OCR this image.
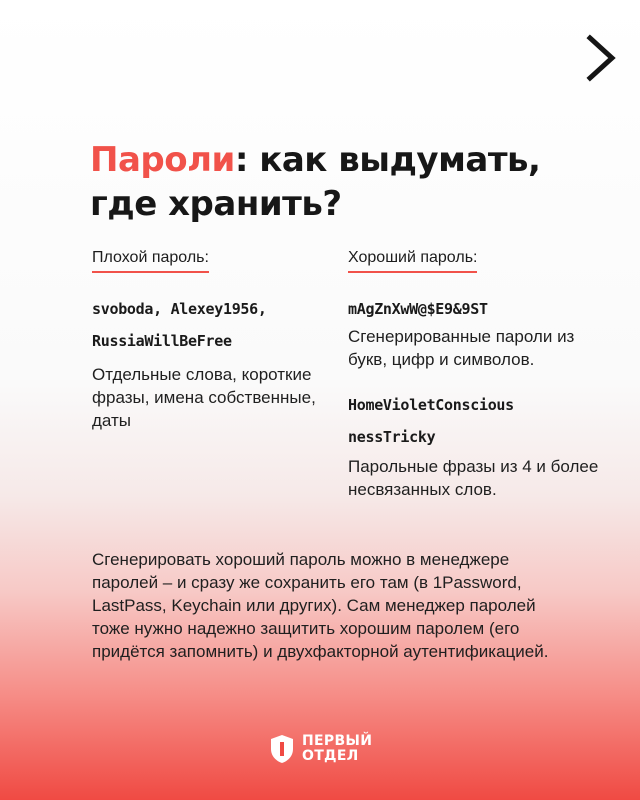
Пароли: как выдумать,
где хранить?
Плохой пароль:
svoboda, Alexey1956,
RussiaWillBeFree
Отдельные слова, короткие фразы, имена собственные, даты
Хороший пароль:
mAgZnXwW@$E9&9ST
Сгенерированные пароли из букв, цифр и символов.
HomeVioletConscious
nessTricky
Парольные фразы из 4 и более несвязанных слов.
Сгенерировать хороший пароль можно в менеджере паролей – и сразу же сохранить его там (в 1Password, LastPass, Keychain или других). Сам менеджер паролей тоже нужно надежно защитить хорошим паролем (его придётся запомнить) и двухфакторной аутентификацией.
ПЕРВЫЙ
ОТДЕЛ
